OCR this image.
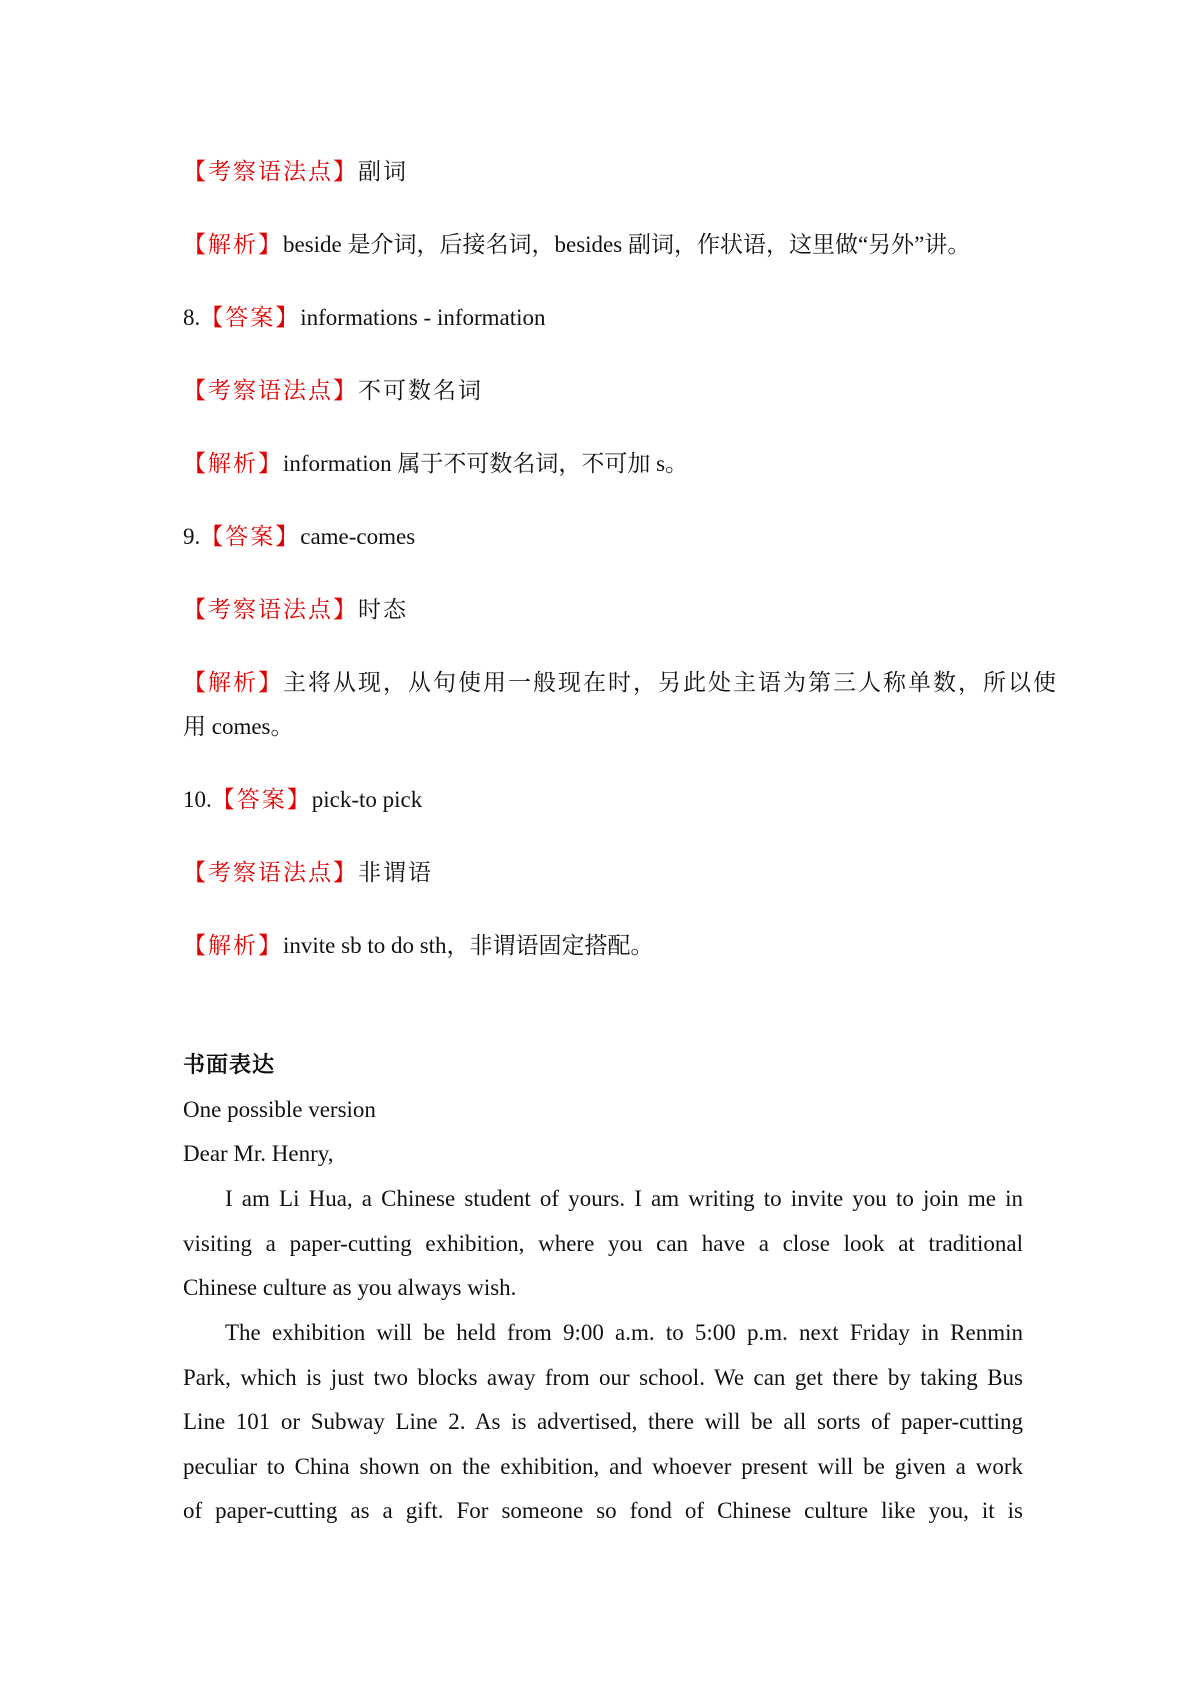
【考察语法点】副词
【解析】beside 是介词，后接名词，besides 副词，作状语，这里做“另外”讲。
8.【答案】informations - information
【考察语法点】不可数名词
【解析】information 属于不可数名词，不可加 s。
9.【答案】came-comes
【考察语法点】时态
【解析】主将从现，从句使用一般现在时，另此处主语为第三人称单数，所以使
用 comes。
10.【答案】pick-to pick
【考察语法点】非谓语
【解析】invite sb to do sth，非谓语固定搭配。
书面表达
One possible version
Dear Mr. Henry,
I am Li Hua, a Chinese student of yours. I am writing to invite you to join me in
visiting a paper-cutting exhibition, where you can have a close look at traditional
Chinese culture as you always wish.
The exhibition will be held from 9:00 a.m. to 5:00 p.m. next Friday in Renmin
Park, which is just two blocks away from our school. We can get there by taking Bus
Line 101 or Subway Line 2. As is advertised, there will be all sorts of paper-cutting
peculiar to China shown on the exhibition, and whoever present will be given a work
of paper-cutting as a gift. For someone so fond of Chinese culture like you, it is
